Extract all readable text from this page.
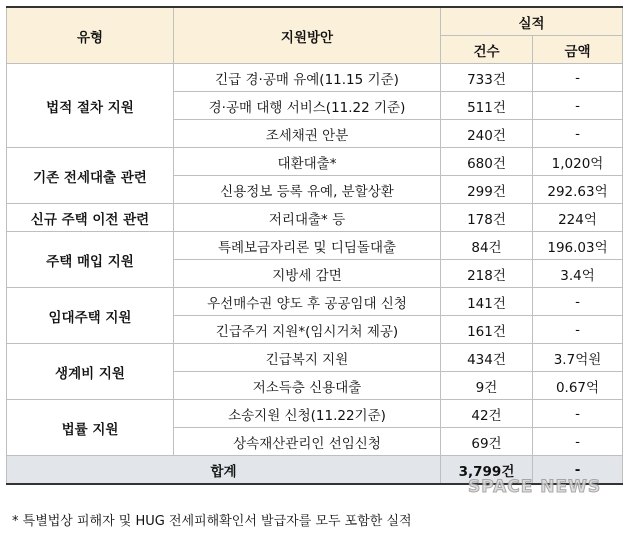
유형	지원방안	실적	
		건수	금액
법적 절차 지원	긴급 경·공매 유예(11.15 기준)	733건	-
	경·공매 대행 서비스(11.22 기준)	511건	-
	조세채권 안분	240건	-
기존 전세대출 관련	대환대출*	680건	1,020억
	신용정보 등록 유예, 분할상환	299건	292.63억
신규 주택 이전 관련	저리대출* 등	178건	224억
주택 매입 지원	특례보금자리론 및 디딤돌대출	84건	196.03억
	지방세 감면	218건	3.4억
임대주택 지원	우선매수권 양도 후 공공임대 신청	141건	-
	긴급주거 지원*(임시거처 제공)	161건	-
생계비 지원	긴급복지 지원	434건	3.7억원
	저소득층 신용대출	9건	0.67억
법률 지원	소송지원 신청(11.22기준)	42건	-
	상속재산관리인 선임신청	69건	-
합계		3,799건	-
* 특별법상 피해자 및 HUG 전세피해확인서 발급자를 모두 포함한 실적
SPACE NEWS
